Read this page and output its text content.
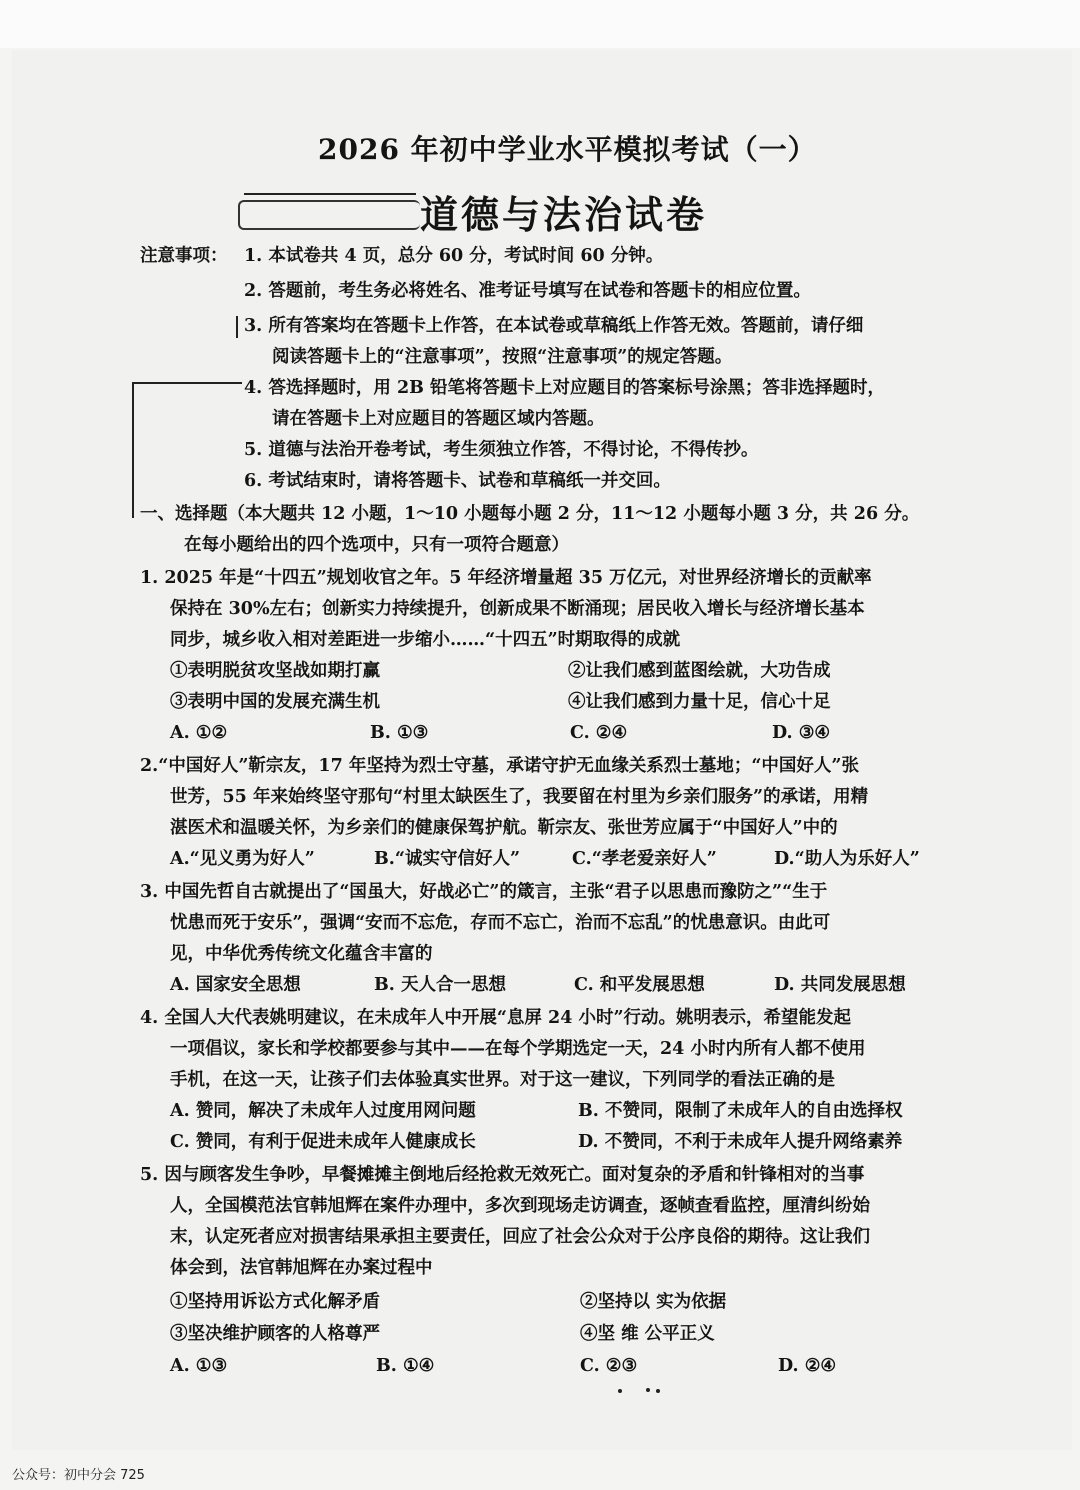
2026 年初中学业水平模拟考试（一）
道德与法治试卷
注意事项： 1. 本试卷共 4 页，总分 60 分，考试时间 60 分钟。
2. 答题前，考生务必将姓名、准考证号填写在试卷和答题卡的相应位置。
3. 所有答案均在答题卡上作答，在本试卷或草稿纸上作答无效。答题前，请仔细
阅读答题卡上的“注意事项”，按照“注意事项”的规定答题。
4. 答选择题时，用 2B 铅笔将答题卡上对应题目的答案标号涂黑；答非选择题时，
请在答题卡上对应题目的答题区域内答题。
5. 道德与法治开卷考试，考生须独立作答，不得讨论，不得传抄。
6. 考试结束时，请将答题卡、试卷和草稿纸一并交回。
一、选择题（本大题共 12 小题，1～10 小题每小题 2 分，11～12 小题每小题 3 分，共 26 分。
在每小题给出的四个选项中，只有一项符合题意）
1. 2025 年是“十四五”规划收官之年。5 年经济增量超 35 万亿元，对世界经济增长的贡献率
保持在 30%左右；创新实力持续提升，创新成果不断涌现；居民收入增长与经济增长基本
同步，城乡收入相对差距进一步缩小……“十四五”时期取得的成就
①表明脱贫攻坚战如期打赢	②让我们感到蓝图绘就，大功告成
③表明中国的发展充满生机	④让我们感到力量十足，信心十足
A. ①②	B. ①③	C. ②④	D. ③④
2.“中国好人”靳宗友，17 年坚持为烈士守墓，承诺守护无血缘关系烈士墓地；“中国好人”张
世芳，55 年来始终坚守那句“村里太缺医生了，我要留在村里为乡亲们服务”的承诺，用精
湛医术和温暖关怀，为乡亲们的健康保驾护航。靳宗友、张世芳应属于“中国好人”中的
A.“见义勇为好人”	B.“诚实守信好人”	C.“孝老爱亲好人”	D.“助人为乐好人”
3. 中国先哲自古就提出了“国虽大，好战必亡”的箴言，主张“君子以思患而豫防之”“生于
忧患而死于安乐”，强调“安而不忘危，存而不忘亡，治而不忘乱”的忧患意识。由此可
见，中华优秀传统文化蕴含丰富的
A. 国家安全思想	B. 天人合一思想	C. 和平发展思想	D. 共同发展思想
4. 全国人大代表姚明建议，在未成年人中开展“息屏 24 小时”行动。姚明表示，希望能发起
一项倡议，家长和学校都要参与其中——在每个学期选定一天，24 小时内所有人都不使用
手机，在这一天，让孩子们去体验真实世界。对于这一建议，下列同学的看法正确的是
A. 赞同，解决了未成年人过度用网问题	B. 不赞同，限制了未成年人的自由选择权
C. 赞同，有利于促进未成年人健康成长	D. 不赞同，不利于未成年人提升网络素养
5. 因与顾客发生争吵，早餐摊摊主倒地后经抢救无效死亡。面对复杂的矛盾和针锋相对的当事
人，全国模范法官韩旭辉在案件办理中，多次到现场走访调查，逐帧查看监控，厘清纠纷始
末，认定死者应对损害结果承担主要责任，回应了社会公众对于公序良俗的期待。这让我们
体会到，法官韩旭辉在办案过程中
①坚持用诉讼方式化解矛盾	②坚持以 实为依据
③坚决维护顾客的人格尊严	④坚 维 公平正义
A. ①③	B. ①④	C. ②③	D. ②④
公众号：初中分会 725
